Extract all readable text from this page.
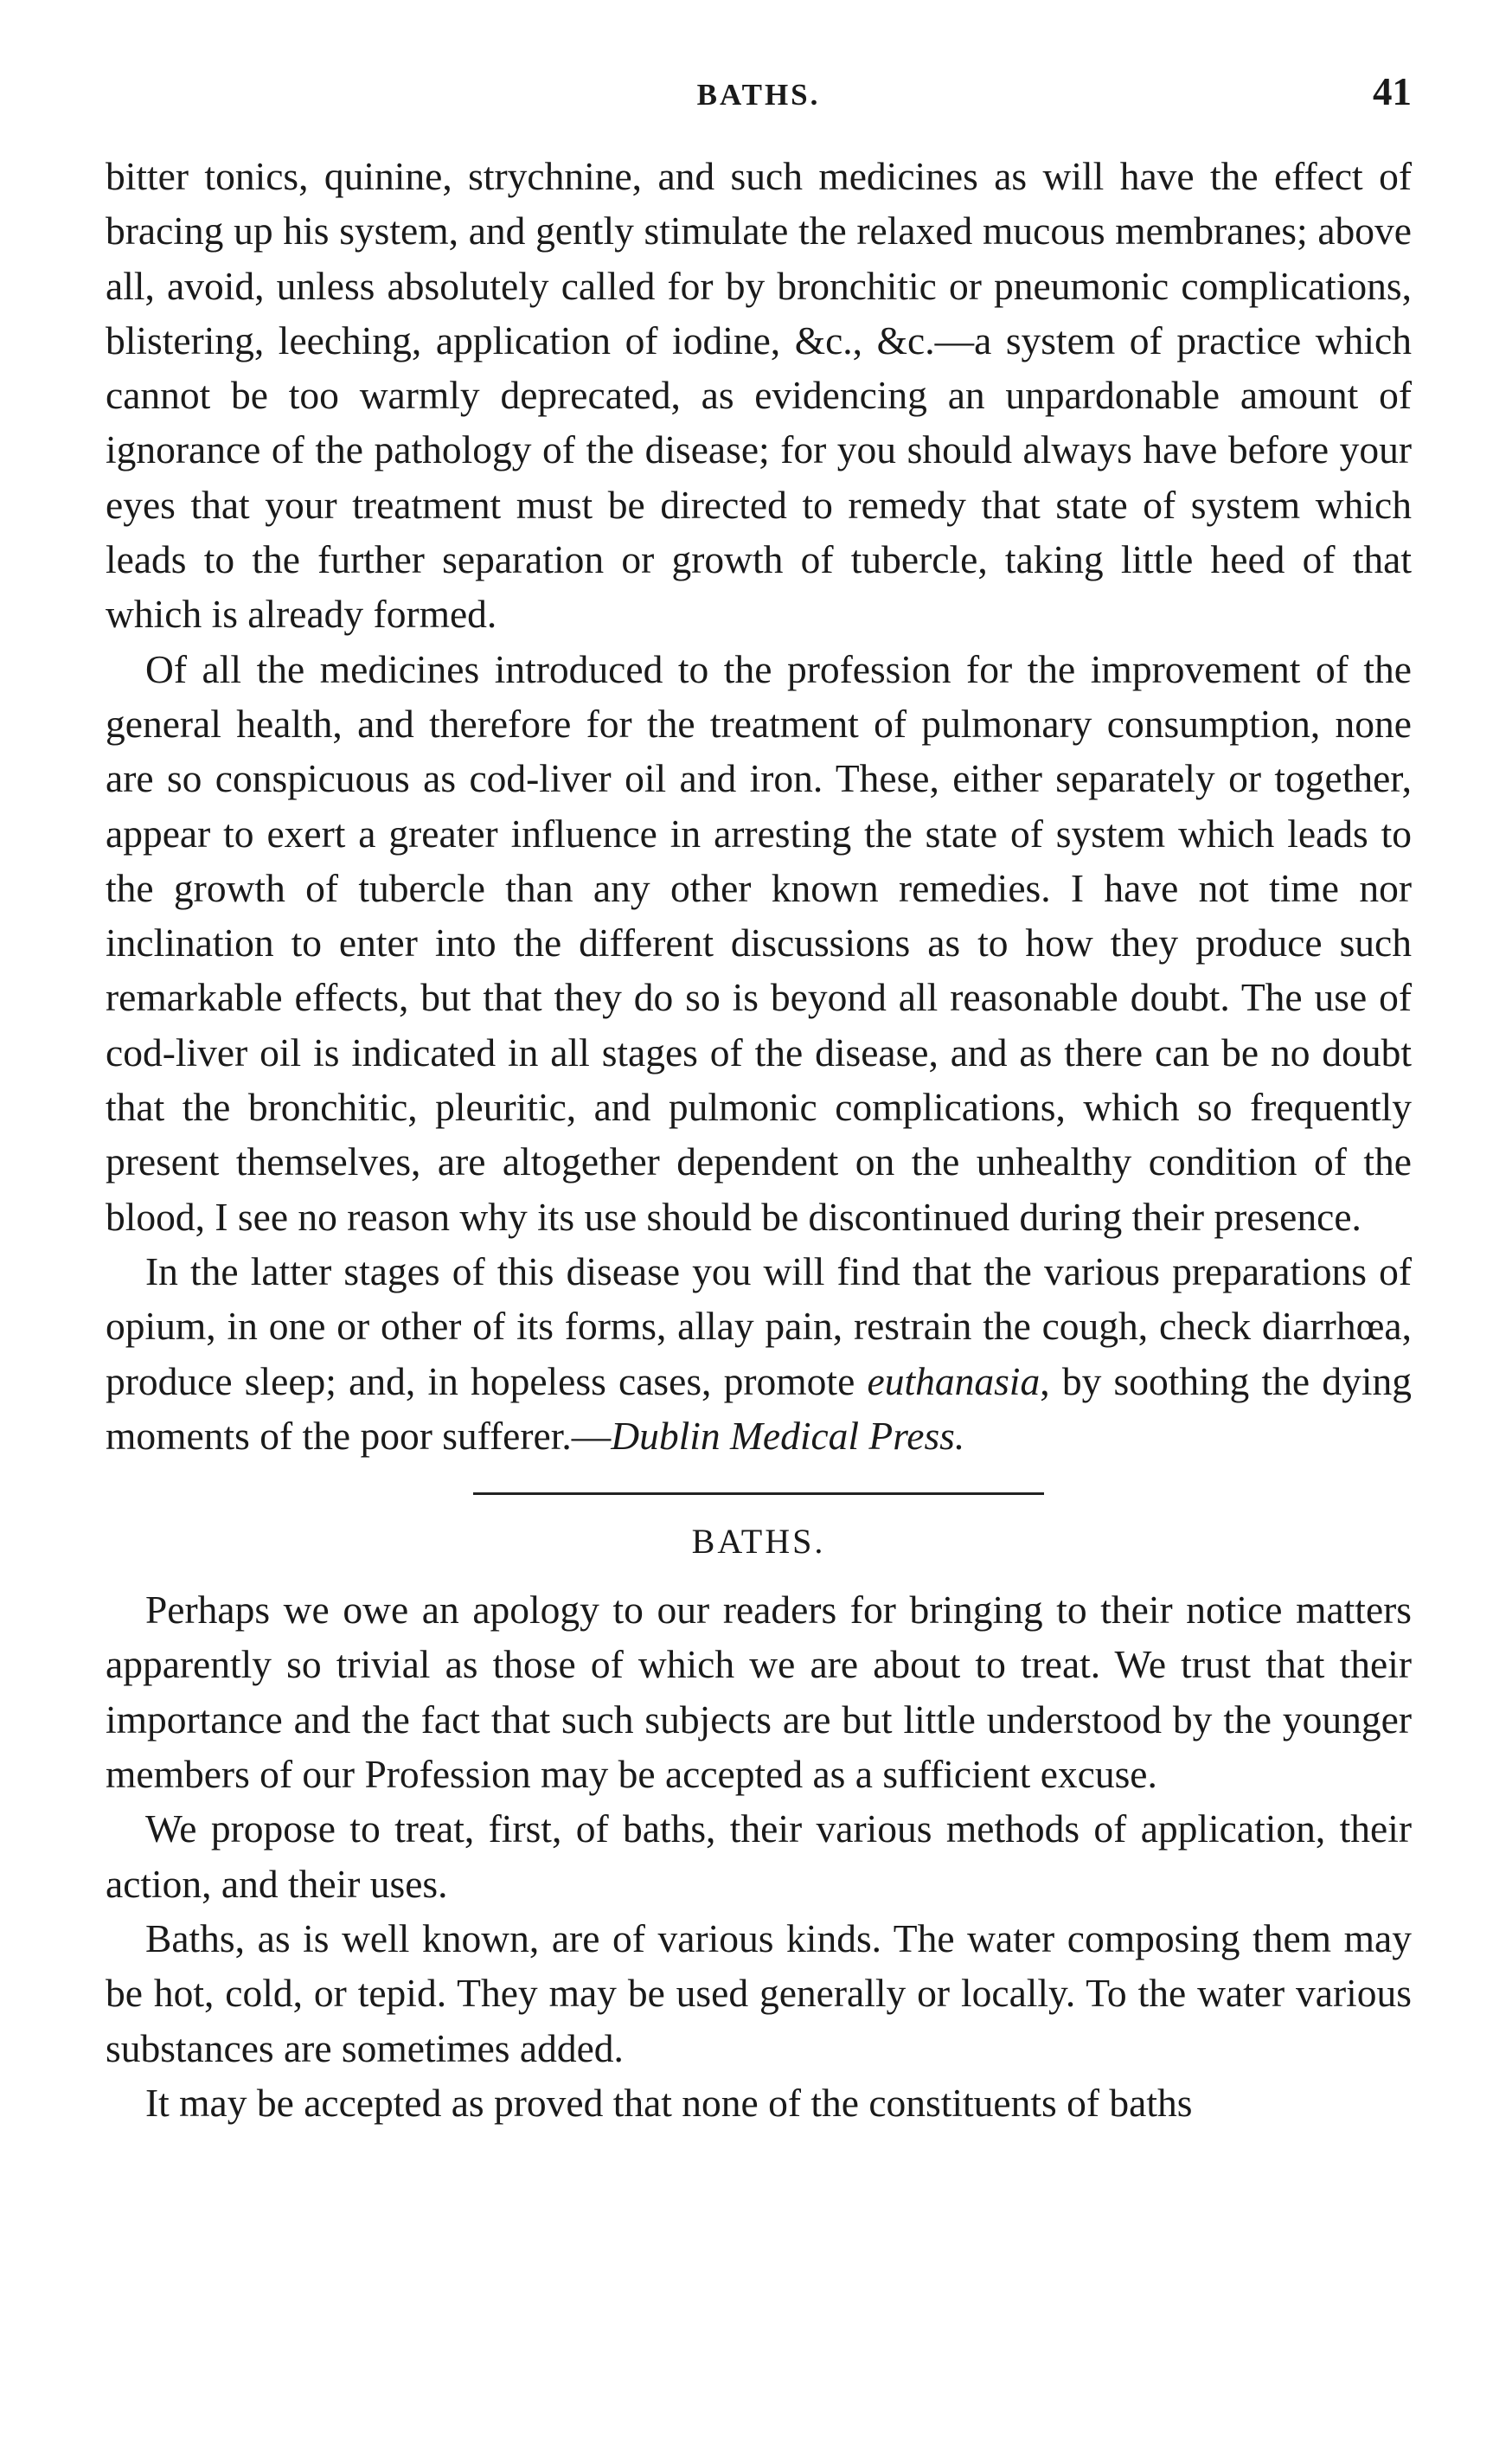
BATHS.	41

bitter tonics, quinine, strychnine, and such medicines as will have the effect of bracing up his system, and gently stimulate the relaxed mucous membranes; above all, avoid, unless absolutely called for by bronchitic or pneumonic complications, blistering, leeching, application of iodine, &c., &c.—a system of practice which cannot be too warmly deprecated, as evidencing an unpardonable amount of ignorance of the pathology of the disease; for you should always have before your eyes that your treatment must be directed to remedy that state of system which leads to the further separation or growth of tubercle, taking little heed of that which is already formed.

Of all the medicines introduced to the profession for the improvement of the general health, and therefore for the treatment of pulmonary consumption, none are so conspicuous as cod-liver oil and iron. These, either separately or together, appear to exert a greater influence in arresting the state of system which leads to the growth of tubercle than any other known remedies. I have not time nor inclination to enter into the different discussions as to how they produce such remarkable effects, but that they do so is beyond all reasonable doubt. The use of cod-liver oil is indicated in all stages of the disease, and as there can be no doubt that the bronchitic, pleuritic, and pulmonic complications, which so frequently present themselves, are altogether dependent on the unhealthy condition of the blood, I see no reason why its use should be discontinued during their presence.

In the latter stages of this disease you will find that the various preparations of opium, in one or other of its forms, allay pain, restrain the cough, check diarrhœa, produce sleep; and, in hopeless cases, promote euthanasia, by soothing the dying moments of the poor sufferer.—Dublin Medical Press.

BATHS.

Perhaps we owe an apology to our readers for bringing to their notice matters apparently so trivial as those of which we are about to treat. We trust that their importance and the fact that such subjects are but little understood by the younger members of our Profession may be accepted as a sufficient excuse.

We propose to treat, first, of baths, their various methods of application, their action, and their uses.

Baths, as is well known, are of various kinds. The water composing them may be hot, cold, or tepid. They may be used generally or locally. To the water various substances are sometimes added.

It may be accepted as proved that none of the constituents of baths
